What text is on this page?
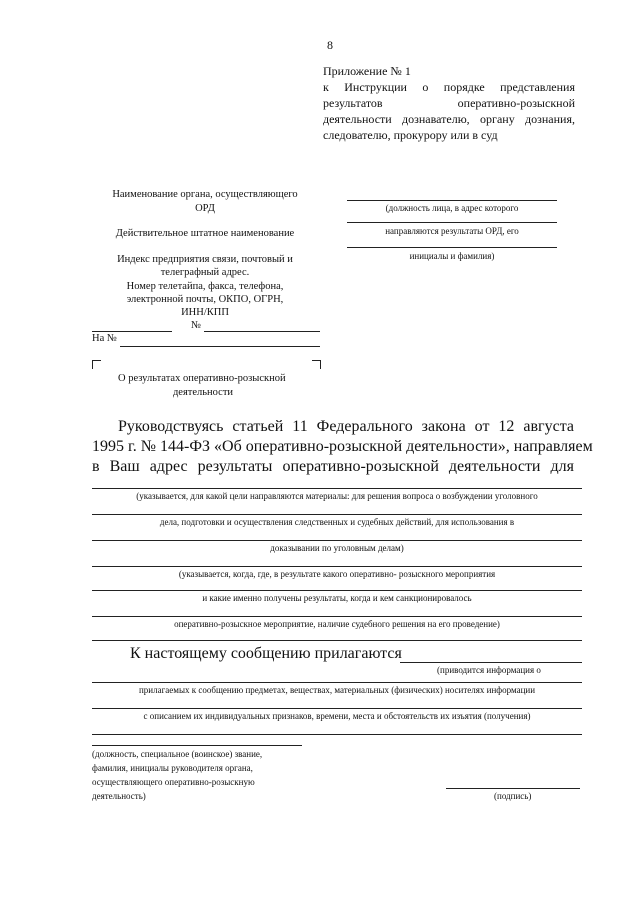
8
Приложение № 1
к Инструкции о порядке представления
результатов оперативно-розыскной
деятельности дознавателю, органу дознания,
следователю, прокурору или в суд
Наименование органа, осуществляющего
ОРД
Действительное штатное наименование
Индекс предприятия связи, почтовый и
телеграфный адрес.
Номер телетайпа, факса, телефона,
электронной почты, ОКПО, ОГРН,
ИНН/КПП
№
На №
(должность лица, в адрес которого
направляются результаты ОРД, его
инициалы и фамилия)
О результатах оперативно-розыскной
деятельности
Руководствуясь статьей 11 Федерального закона от 12 августа
1995 г. № 144-ФЗ «Об оперативно-розыскной деятельности», направляем
в Ваш адрес результаты оперативно-розыскной деятельности для
(указывается, для какой цели направляются материалы: для решения вопроса о возбуждении уголовного
дела, подготовки и осуществления следственных и судебных действий, для использования в
доказывании по уголовным делам)
(указывается, когда, где, в результате какого оперативно- розыскного мероприятия
и какие именно получены результаты, когда и кем санкционировалось
оперативно-розыскное мероприятие, наличие судебного решения на его проведение)
К настоящему сообщению прилагаются
(приводится информация о
прилагаемых к сообщению предметах, веществах, материальных (физических) носителях информации
с описанием их индивидуальных признаков, времени, места и обстоятельств их изъятия (получения)
(должность, специальное (воинское) звание,
фамилия, инициалы руководителя органа,
осуществляющего оперативно-розыскную
деятельность)	(подпись)
